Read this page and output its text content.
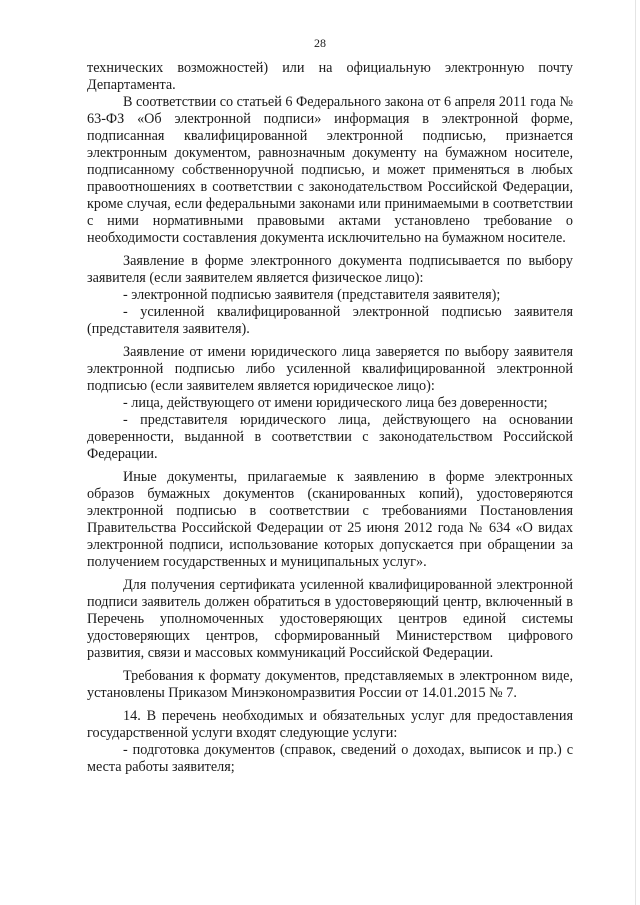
28

технических возможностей) или на официальную электронную почту Департамента.

В соответствии со статьей 6 Федерального закона от 6 апреля 2011 года № 63-ФЗ «Об электронной подписи» информация в электронной форме, подписанная квалифицированной электронной подписью, признается электронным документом, равнозначным документу на бумажном носителе, подписанному собственноручной подписью, и может применяться в любых правоотношениях в соответствии с законодательством Российской Федерации, кроме случая, если федеральными законами или принимаемыми в соответствии с ними нормативными правовыми актами установлено требование о необходимости составления документа исключительно на бумажном носителе.

Заявление в форме электронного документа подписывается по выбору заявителя (если заявителем является физическое лицо):

- электронной подписью заявителя (представителя заявителя);

- усиленной квалифицированной электронной подписью заявителя (представителя заявителя).

Заявление от имени юридического лица заверяется по выбору заявителя электронной подписью либо усиленной квалифицированной электронной подписью (если заявителем является юридическое лицо):

- лица, действующего от имени юридического лица без доверенности;

- представителя юридического лица, действующего на основании доверенности, выданной в соответствии с законодательством Российской Федерации.

Иные документы, прилагаемые к заявлению в форме электронных образов бумажных документов (сканированных копий), удостоверяются электронной подписью в соответствии с требованиями Постановления Правительства Российской Федерации от 25 июня 2012 года № 634 «О видах электронной подписи, использование которых допускается при обращении за получением государственных и муниципальных услуг».

Для получения сертификата усиленной квалифицированной электронной подписи заявитель должен обратиться в удостоверяющий центр, включенный в Перечень уполномоченных удостоверяющих центров единой системы удостоверяющих центров, сформированный Министерством цифрового развития, связи и массовых коммуникаций Российской Федерации.

Требования к формату документов, представляемых в электронном виде, установлены Приказом Минэкономразвития России от 14.01.2015 № 7.

14. В перечень необходимых и обязательных услуг для предоставления государственной услуги входят следующие услуги:

- подготовка документов (справок, сведений о доходах, выписок и пр.) с места работы заявителя;
